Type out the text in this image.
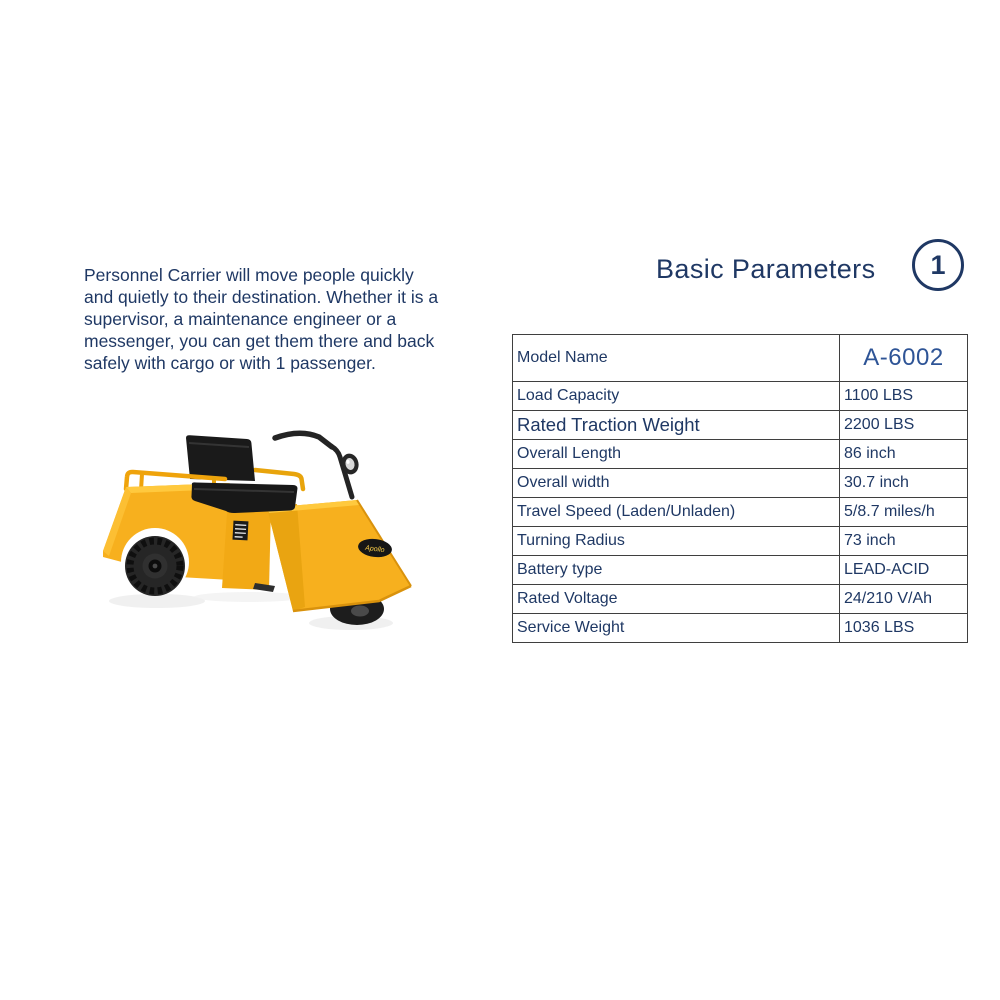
Personnel Carrier will move people quickly and quietly to their destination. Whether it is a supervisor, a maintenance engineer or a messenger, you can get them there and back safely with cargo or with 1 passenger.

Apollo
Basic Parameters 1
Model Name	A-6002
Load Capacity	1100 LBS
Rated Traction Weight	2200 LBS
Overall Length	86 inch
Overall width	30.7 inch
Travel Speed (Laden/Unladen)	5/8.7 miles/h
Turning Radius	73 inch
Battery type	LEAD-ACID
Rated Voltage	24/210 V/Ah
Service Weight	1036 LBS
